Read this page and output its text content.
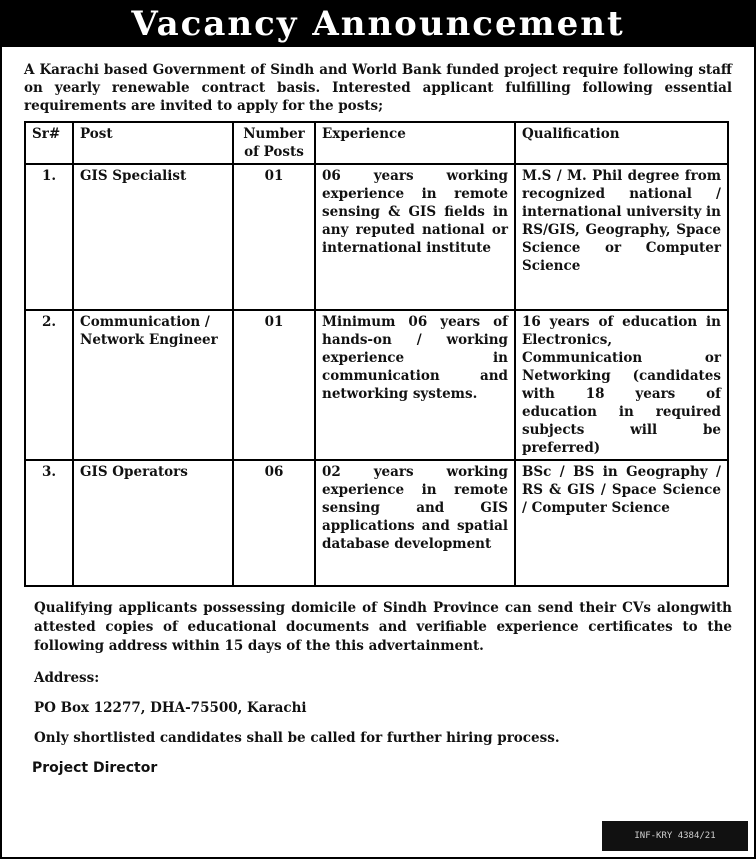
Vacancy Announcement

A Karachi based Government of Sindh and World Bank funded project require following staff on yearly renewable contract basis. Interested applicant fulfilling following essential requirements are invited to apply for the posts;

Sr#	Post	Number of Posts	Experience	Qualification
1.	GIS Specialist	01	06 years working experience in remote sensing & GIS fields in any reputed national or international institute	M.S / M. Phil degree from recognized national / international university in RS/GIS, Geography, Space Science or Computer Science
2.	Communication / Network Engineer	01	Minimum 06 years of hands-on / working experience in communication and networking systems.	16 years of education in Electronics, Communication or Networking (candidates with 18 years of education in required subjects will be preferred)
3.	GIS Operators	06	02 years working experience in remote sensing and GIS applications and spatial database development	BSc / BS in Geography / RS & GIS / Space Science / Computer Science

Qualifying applicants possessing domicile of Sindh Province can send their CVs alongwith attested copies of educational documents and verifiable experience certificates to the following address within 15 days of the this advertainment.

Address:
PO Box 12277, DHA-75500, Karachi
Only shortlisted candidates shall be called for further hiring process.
Project Director
INF-KRY 4384/21
